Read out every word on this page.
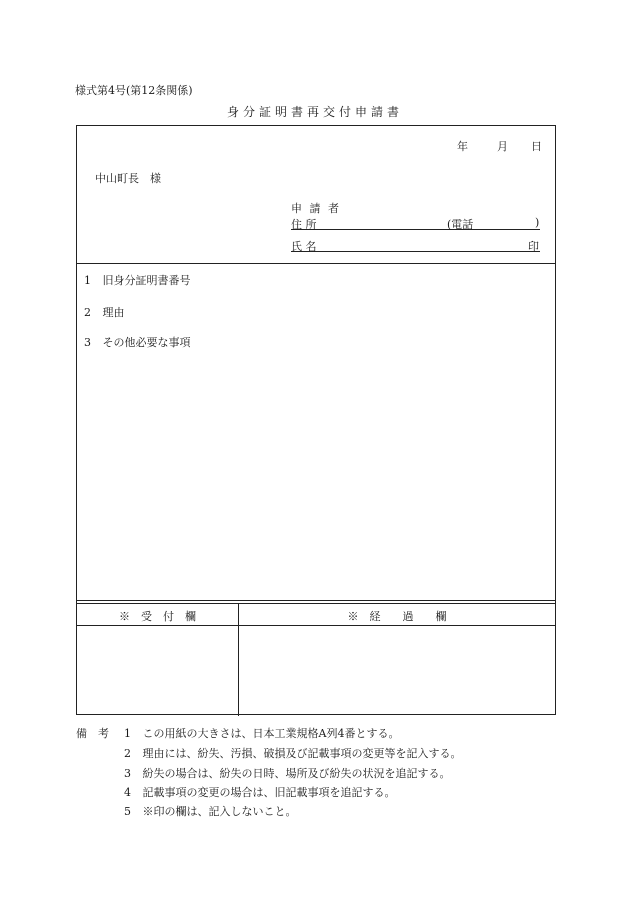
様式第4号(第12条関係)
身分証明書再交付申請書
年	月 日
中山町長　様
申 請 者
住 所	(電話	)
氏 名	印
1 旧身分証明書番号
2 理由
3 その他必要な事項
※　受　付　欄	※　経　　過　　欄
備　考 1 この用紙の大きさは、日本工業規格A列4番とする。
2 理由には、紛失、汚損、破損及び記載事項の変更等を記入する。
3 紛失の場合は、紛失の日時、場所及び紛失の状況を追記する。
4 記載事項の変更の場合は、旧記載事項を追記する。
5 ※印の欄は、記入しないこと。
